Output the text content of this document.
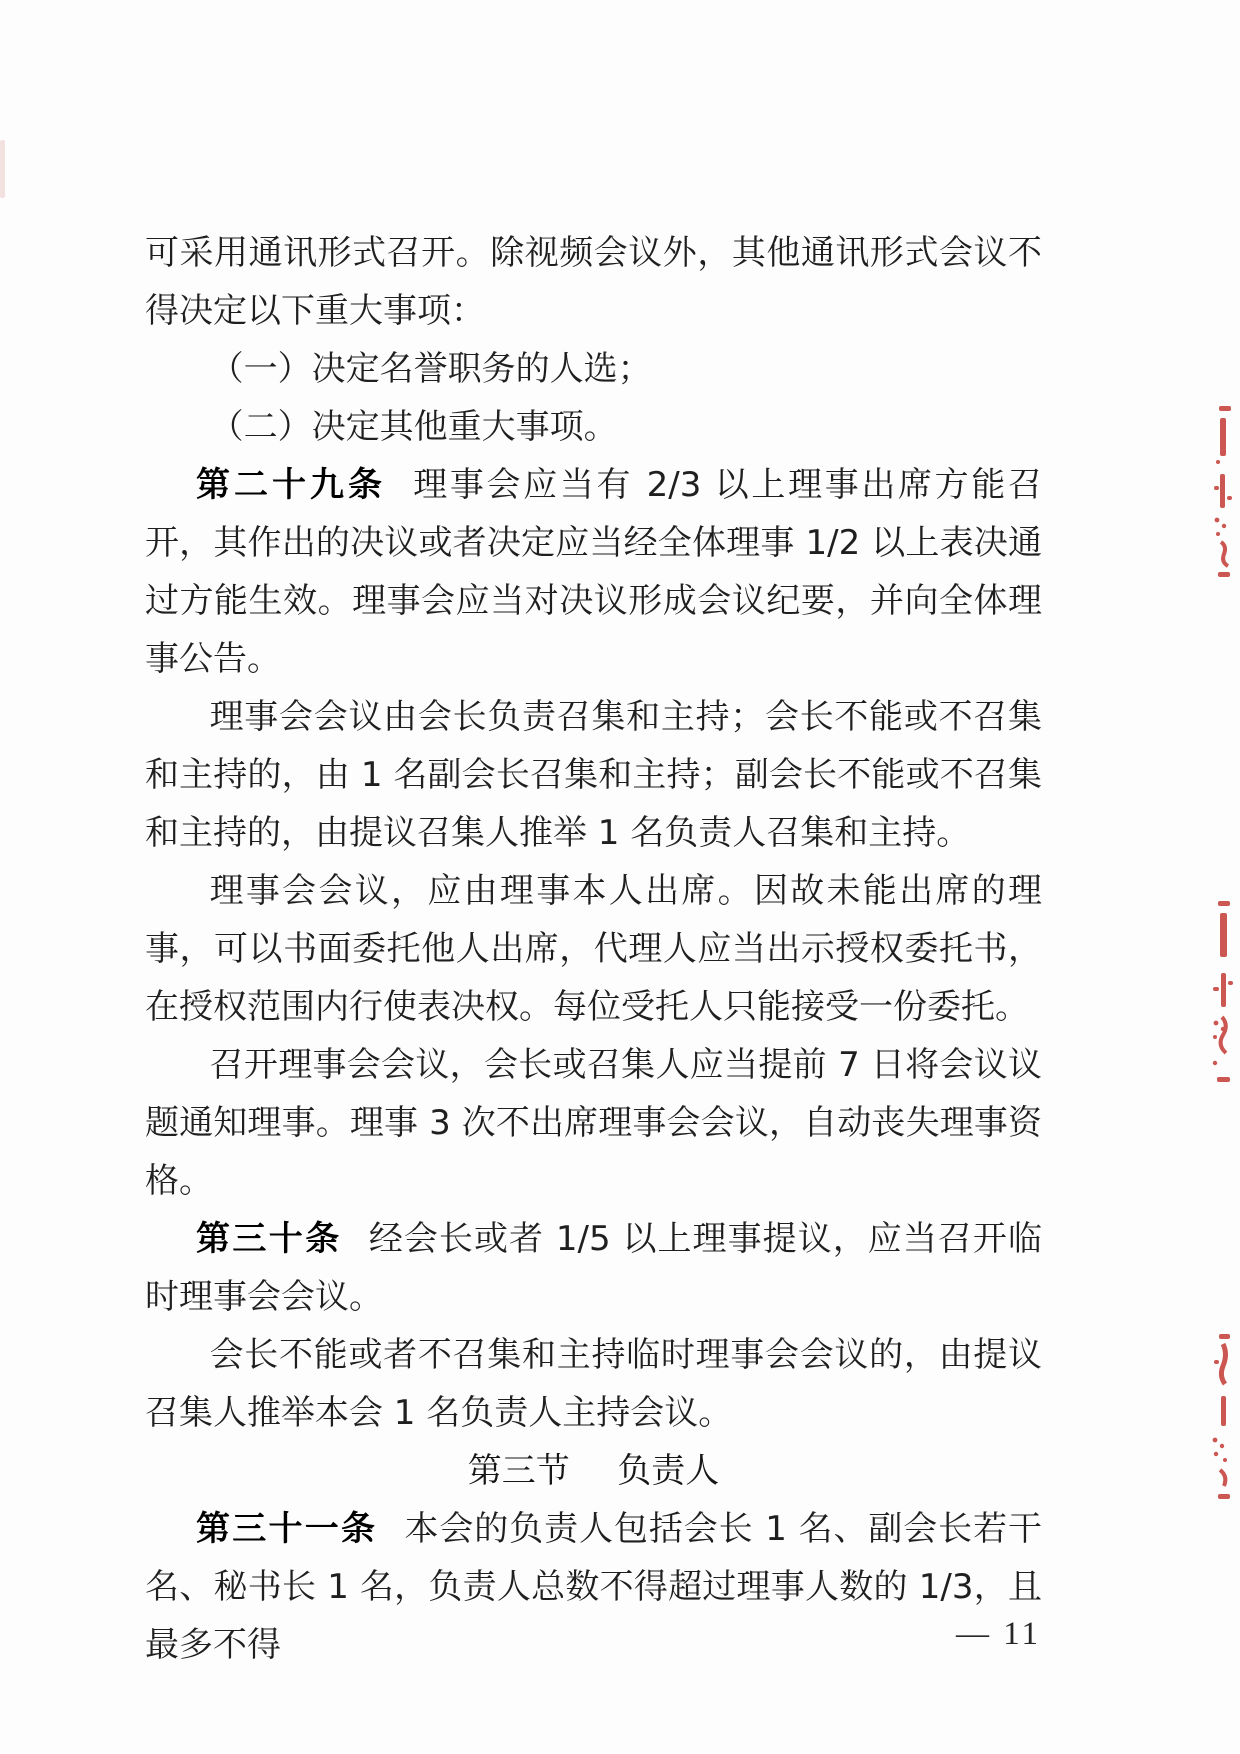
可采用通讯形式召开。除视频会议外，其他通讯形式会议不得决定以下重大事项：

（一）决定名誉职务的人选；

（二）决定其他重大事项。

第二十九条 理事会应当有 2/3 以上理事出席方能召开，其作出的决议或者决定应当经全体理事 1/2 以上表决通过方能生效。理事会应当对决议形成会议纪要，并向全体理事公告。

理事会会议由会长负责召集和主持；会长不能或不召集和主持的，由 1 名副会长召集和主持；副会长不能或不召集和主持的，由提议召集人推举 1 名负责人召集和主持。

理事会会议，应由理事本人出席。因故未能出席的理事，可以书面委托他人出席，代理人应当出示授权委托书，在授权范围内行使表决权。每位受托人只能接受一份委托。

召开理事会会议，会长或召集人应当提前 7 日将会议议题通知理事。理事 3 次不出席理事会会议，自动丧失理事资格。

第三十条 经会长或者 1/5 以上理事提议，应当召开临时理事会会议。

会长不能或者不召集和主持临时理事会会议的，由提议召集人推举本会 1 名负责人主持会议。

第三节 负责人

第三十一条 本会的负责人包括会长 1 名、副会长若干名、秘书长 1 名，负责人总数不得超过理事人数的 1/3，且最多不得	— 11
